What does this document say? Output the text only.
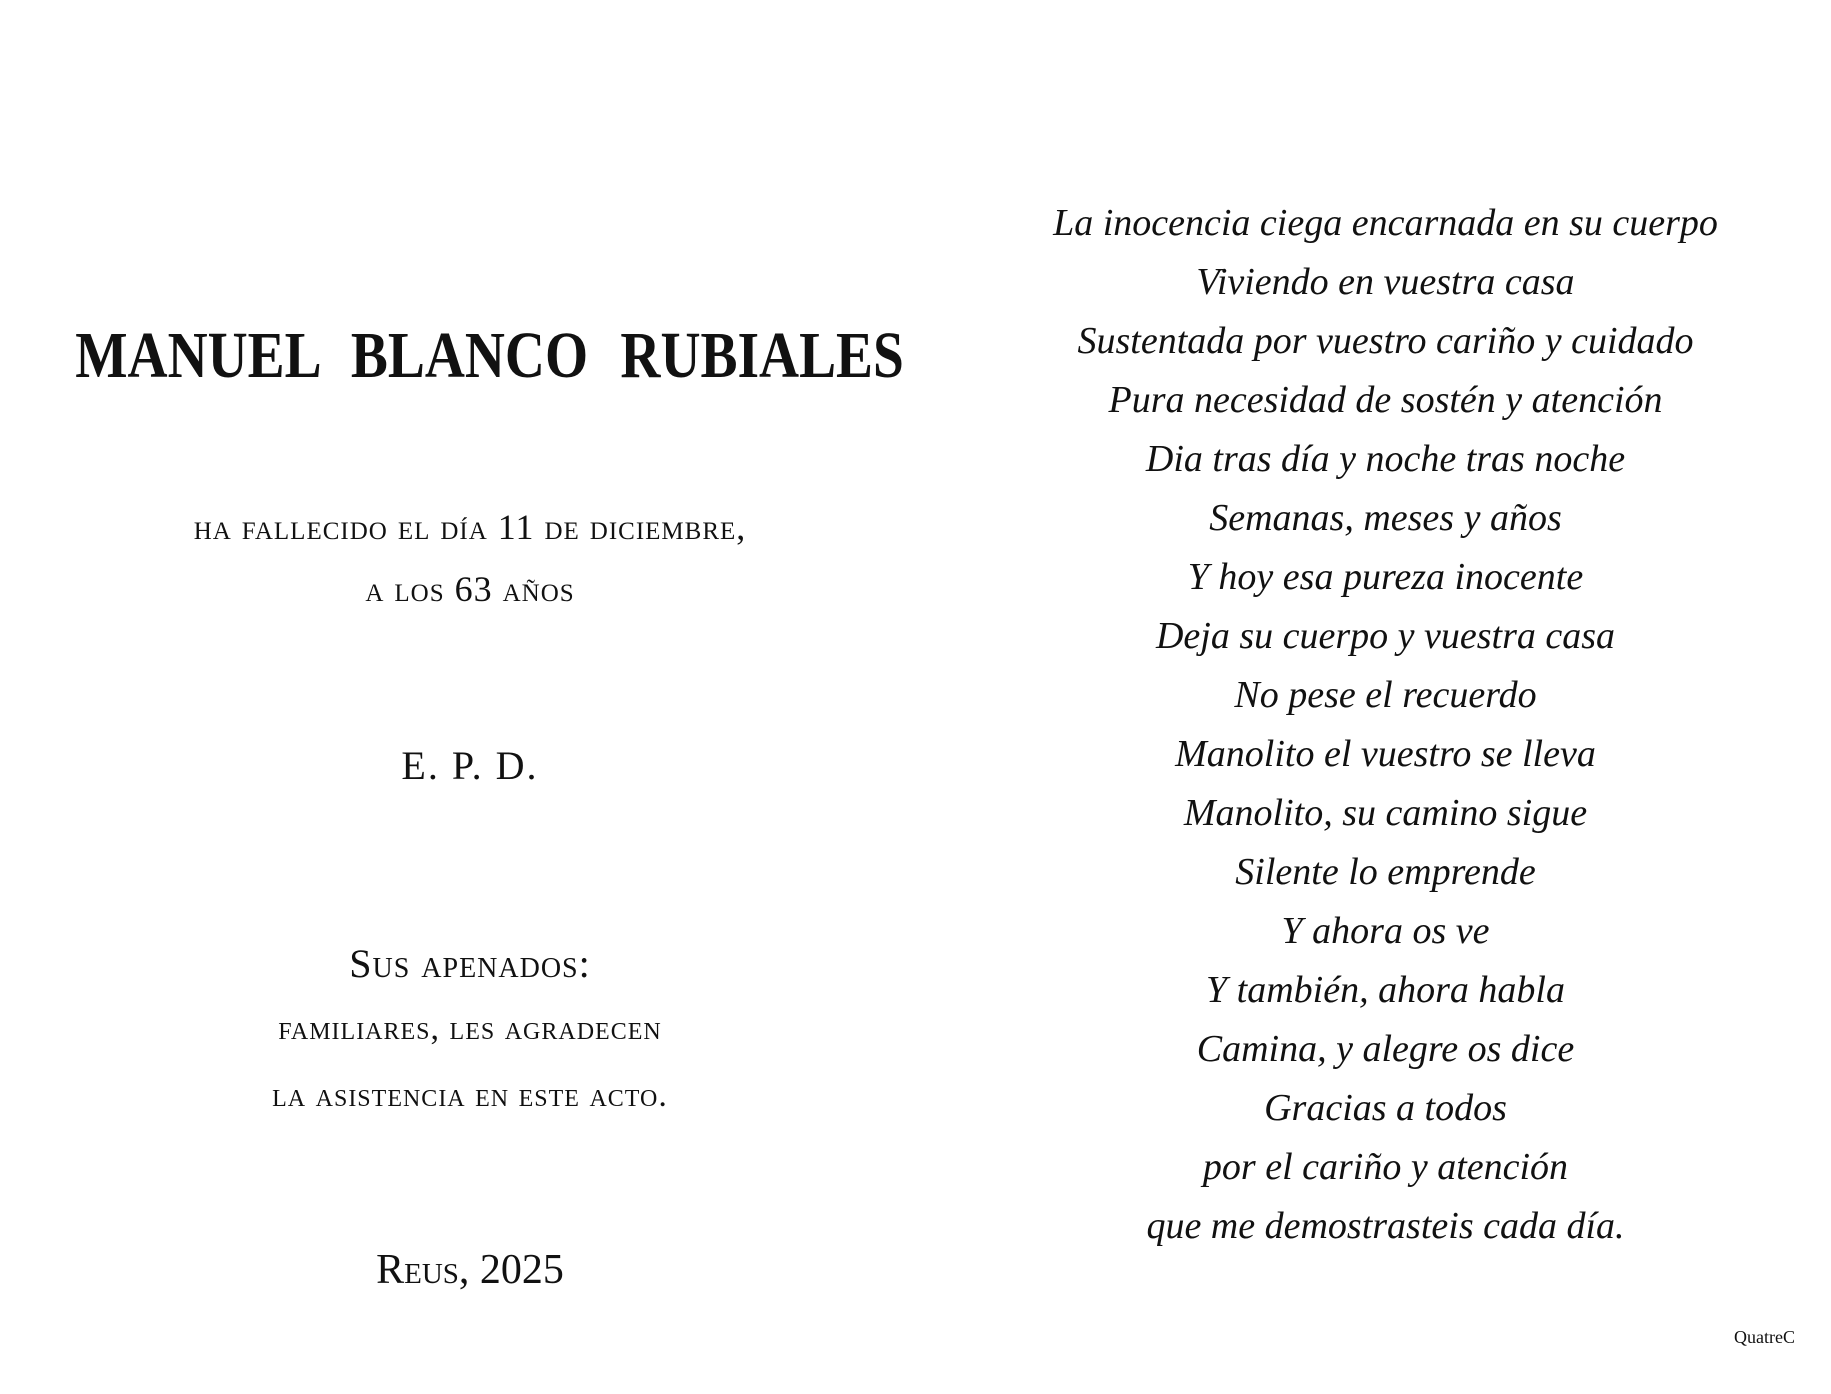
MANUEL BLANCO RUBIALES
ha fallecido el día 11 de diciembre,
a los 63 años
E. P. D.
Sus apenados:
familiares, les agradecen
la asistencia en este acto.
Reus, 2025
La inocencia ciega encarnada en su cuerpo
Viviendo en vuestra casa
Sustentada por vuestro cariño y cuidado
Pura necesidad de sostén y atención
Dia tras día y noche tras noche
Semanas, meses y años
Y hoy esa pureza inocente
Deja su cuerpo y vuestra casa
No pese el recuerdo
Manolito el vuestro se lleva
Manolito, su camino sigue
Silente lo emprende
Y ahora os ve
Y también, ahora habla
Camina, y alegre os dice
Gracias a todos
por el cariño y atención
que me demostrasteis cada día.
QuatreC
